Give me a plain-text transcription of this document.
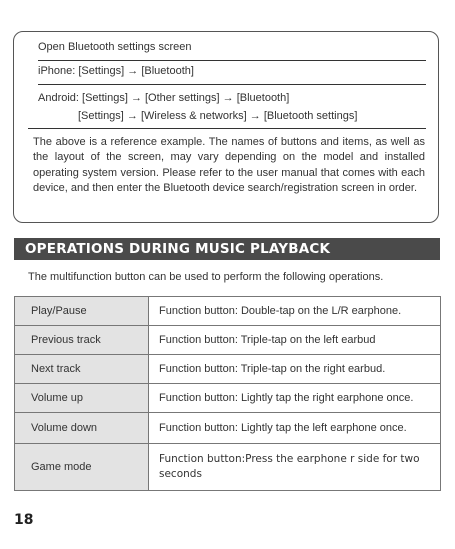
Open Bluetooth settings screen
iPhone: [Settings] → [Bluetooth]
Android: [Settings] → [Other settings] → [Bluetooth]
[Settings] → [Wireless & networks] → [Bluetooth settings]
The above is a reference example. The names of buttons and items, as well as the layout of the screen, may vary depending on the model and installed operating system version. Please refer to the user manual that comes with each device, and then enter the Bluetooth device search/registration screen in order.
OPERATIONS DURING MUSIC PLAYBACK
The multifunction button can be used to perform the following operations.
Play/Pause	Function button: Double-tap on the L/R earphone.
Previous track	Function button: Triple-tap on the left earbud
Next track	Function button: Triple-tap on the right earbud.
Volume up	Function button: Lightly tap the right earphone once.
Volume down	Function button: Lightly tap the left earphone once.
Game mode	Function button:Press the earphone r side for two seconds
18
